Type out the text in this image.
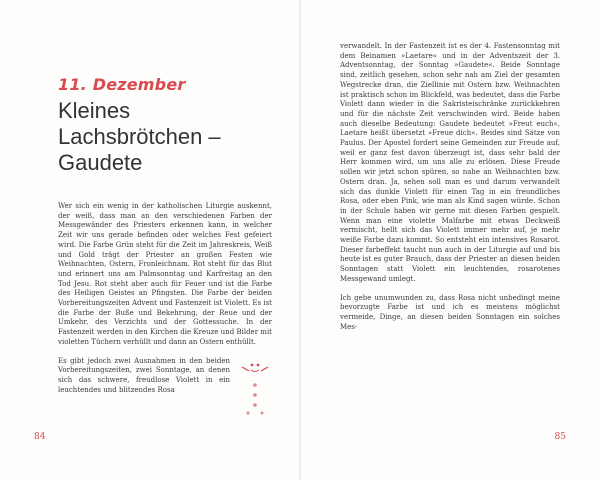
11. Dezember
Kleines Lachsbrötchen –
Gaudete

Wer sich ein wenig in der katholischen Liturgie auskennt, der weiß, dass man an den verschiedenen Farben der Messgewänder des Priesters erkennen kann, in welcher Zeit wir uns gerade befinden oder welches Fest gefeiert wird. Die Farbe Grün steht für die Zeit im Jahreskreis, Weiß und Gold trägt der Priester an großen Festen wie Weihnachten, Ostern, Fronleichnam. Rot steht für das Blut und erinnert uns am Palmsonntag und Karfreitag an den Tod Jesu. Rot steht aber auch für Feuer und ist die Farbe des Heiligen Geistes an Pfingsten. Die Farbe der beiden Vorbereitungszeiten Advent und Fastenzeit ist Violett. Es ist die Farbe der Buße und Bekehrung, der Reue und der Umkehr, des Verzichts und der Gottessuche. In der Fastenzeit werden in den Kirchen die Kreuze und Bilder mit violetten Tüchern verhüllt und dann an Ostern enthüllt.

Es gibt jedoch zwei Ausnahmen in den beiden Vorbereitungszeiten, zwei Sonntage, an denen sich das schwere, freudlose Violett in ein leuchtendes und blitzendes Rosa

verwandelt. In der Fastenzeit ist es der 4. Fastensonntag mit dem Beinamen »Laetare« und in der Adventszeit der 3. Adventsonntag, der Sonntag »Gaudete«. Beide Sonntage sind, zeitlich gesehen, schon sehr nah am Ziel der gesamten Wegstrecke dran, die Ziellinie mit Ostern bzw. Weihnachten ist praktisch schon im Blickfeld, was bedeutet, dass die Farbe Violett dann wieder in die Sakristeischränke zurückkehren und für die nächste Zeit verschwinden wird. Beide haben auch dieselbe Bedeutung: Gaudete bedeutet »Freut euch«, Laetare heißt übersetzt »Freue dich«. Beides sind Sätze von Paulus. Der Apostel fordert seine Gemeinden zur Freude auf, weil er ganz fest davon überzeugt ist, dass sehr bald der Herr kommen wird, um uns alle zu erlösen. Diese Freude sollen wir jetzt schon spüren, so nahe an Weihnachten bzw. Ostern dran. Ja, sehen soll man es und darum verwandelt sich das dunkle Violett für einen Tag in ein freundliches Rosa, oder eben Pink, wie man als Kind sagen würde. Schon in der Schule haben wir gerne mit diesen Farben gespielt. Wenn man eine violette Malfarbe mit etwas Deckweiß vermischt, hellt sich das Violett immer mehr auf, je mehr weiße Farbe dazu kommt. So entsteht ein intensives Rosarot. Dieser farbeffekt taucht nun auch in der Liturgie auf und bis heute ist es guter Brauch, dass der Priester an diesen beiden Sonntagen statt Violett ein leuchtendes, rosarotenes Messgewand umlegt.

Ich gebe unumwunden zu, dass Rosa nicht unbedingt meine bevorzugte Farbe ist und ich es meistens möglichst vermeide, Dinge, an diesen beiden Sonntagen ein solches Mes-

84	85
